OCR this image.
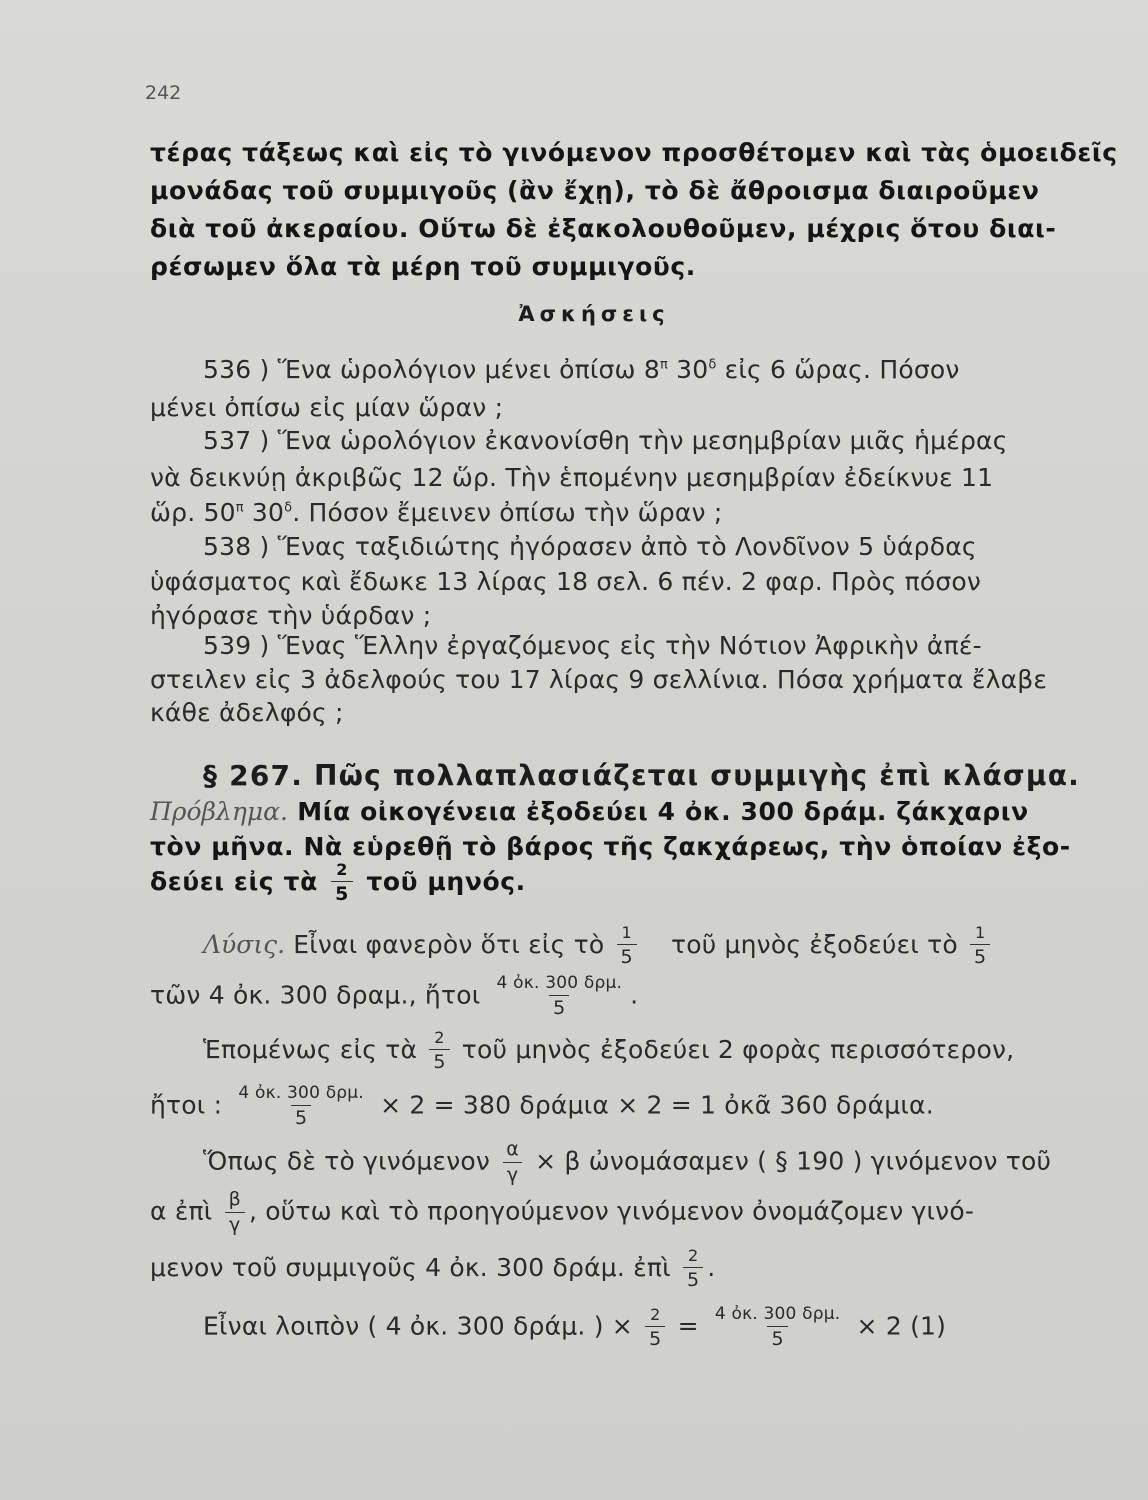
242
τέρας τάξεως καὶ εἰς τὸ γινόμενον προσθέτομεν καὶ τὰς ὁμοειδεῖς
μονάδας τοῦ συμμιγοῦς (ἂν ἔχῃ), τὸ δὲ ἄθροισμα διαιροῦμεν
διὰ τοῦ ἀκεραίου. Οὕτω δὲ ἐξακολουθοῦμεν, μέχρις ὅτου διαι-
ρέσωμεν ὅλα τὰ μέρη τοῦ συμμιγοῦς.
Ἀσκήσεις
536 ) Ἕνα ὡρολόγιον μένει ὀπίσω $8^\pi$ $30^\delta$ εἰς 6 ὥρας. Πόσον
μένει ὀπίσω εἰς μίαν ὥραν ;
537 ) Ἕνα ὡρολόγιον ἐκανονίσθη τὴν μεσημβρίαν μιᾶς ἡμέρας
νὰ δεικνύῃ ἀκριβῶς 12 ὥρ. Τὴν ἑπομένην μεσημβρίαν ἐδείκνυε 11
ὥρ. $50^\pi$ $30^\delta$. Πόσον ἔμεινεν ὀπίσω τὴν ὥραν ;
538 ) Ἕνας ταξιδιώτης ἠγόρασεν ἀπὸ τὸ Λονδῖνον 5 ὑάρδας
ὑφάσματος καὶ ἔδωκε 13 λίρας 18 σελ. 6 πέν. 2 φαρ. Πρὸς πόσον
ἠγόρασε τὴν ὑάρδαν ;
539 ) Ἕνας Ἕλλην ἐργαζόμενος εἰς τὴν Νότιον Ἀφρικὴν ἀπέ-
στειλεν εἰς 3 ἀδελφούς του 17 λίρας 9 σελλίνια. Πόσα χρήματα ἔλαβε
κάθε ἀδελφός ;
§ 267. Πῶς πολλαπλασιάζεται συμμιγὴς ἐπὶ κλάσμα.
Πρόβλημα. Μία οἰκογένεια ἐξοδεύει 4 ὀκ. 300 δράμ. ζάκχαριν
τὸν μῆνα. Νὰ εὑρεθῇ τὸ βάρος τῆς ζακχάρεως, τὴν ὁποίαν ἐξο-
δεύει εἰς τὰ $\frac{2}{5}$ τοῦ μηνός.
Λύσις. Εἶναι φανερὸν ὅτι εἰς τὸ $\frac{1}{5}$ τοῦ μηνὸς ἐξοδεύει τὸ $\frac{1}{5}$
τῶν 4 ὀκ. 300 δραμ., ἤτοι $\frac{\text{4 ὀκ. 300 δρμ.}}{5}$ .
Ἑπομένως εἰς τὰ $\frac{2}{5}$ τοῦ μηνὸς ἐξοδεύει 2 φορὰς περισσότερον,
ἤτοι : $\frac{\text{4 ὀκ. 300 δρμ.}}{5} \times 2 = 380$ δράμια × 2 = 1 ὀκᾶ 360 δράμια.
Ὅπως δὲ τὸ γινόμενον $\frac{\alpha}{\gamma} \times \beta$ ὠνομάσαμεν ( § 190 ) γινόμενον τοῦ
α ἐπὶ $\frac{\beta}{\gamma}$ , οὕτω καὶ τὸ προηγούμενον γινόμενον ὀνομάζομεν γινό-
μενον τοῦ συμμιγοῦς 4 ὀκ. 300 δράμ. ἐπὶ $\frac{2}{5}$ .
Εἶναι λοιπὸν ( 4 ὀκ. 300 δράμ. ) × $\frac{2}{5} = \frac{\text{4 ὀκ. 300 δρμ.}}{5} \times 2$ (1)
